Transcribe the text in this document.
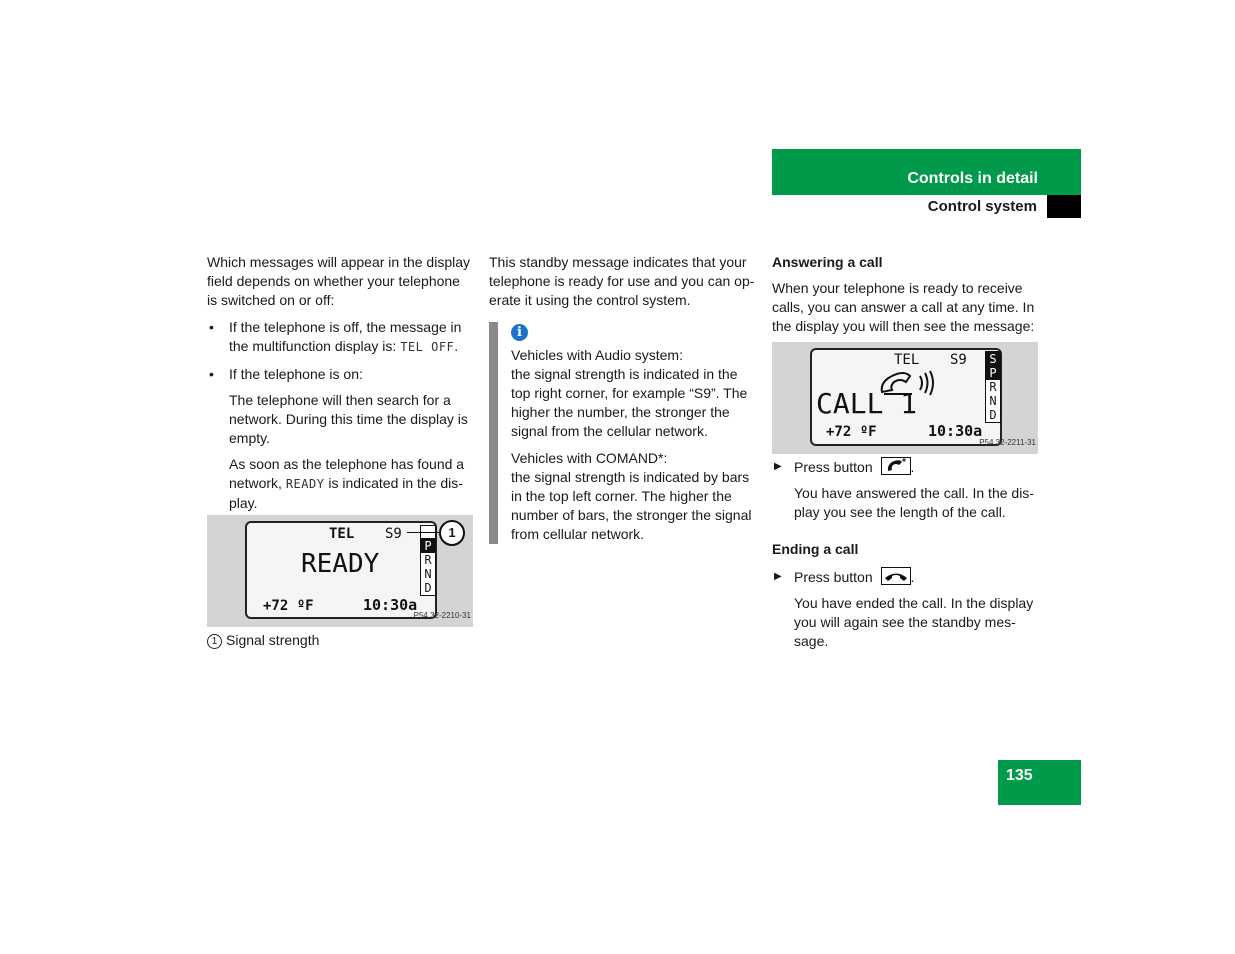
Controls in detail
Control system

Which messages will appear in the display field depends on whether your telephone is switched on or off:

• If the telephone is off, the message in the multifunction display is: TEL OFF.
• If the telephone is on:

The telephone will then search for a network. During this time the display is empty.

As soon as the telephone has found a network, READY is indicated in the dis-play.

TEL S9
READY
+72 ºF	10:30a
P
R
N
D
1
P54.32-2210-31
1 Signal strength

This standby message indicates that your telephone is ready for use and you can op-erate it using the control system.

i

Vehicles with Audio system:

the signal strength is indicated in the top right corner, for example “S9”. The higher the number, the stronger the signal from the cellular network.

Vehicles with COMAND*:

the signal strength is indicated by bars in the top left corner. The higher the number of bars, the stronger the signal from cellular network.

Answering a call

When your telephone is ready to receive calls, you can answer a call at any time. In the display you will then see the message:

TEL S9
CALL 1
+72 ºF	10:30a
S
P
R
N
D
P54.32-2211-31
▶ Press button	.

You have answered the call. In the dis-play you see the length of the call.

Ending a call

▶ Press button	.

You have ended the call. In the display you will again see the standby mes-sage.

135
